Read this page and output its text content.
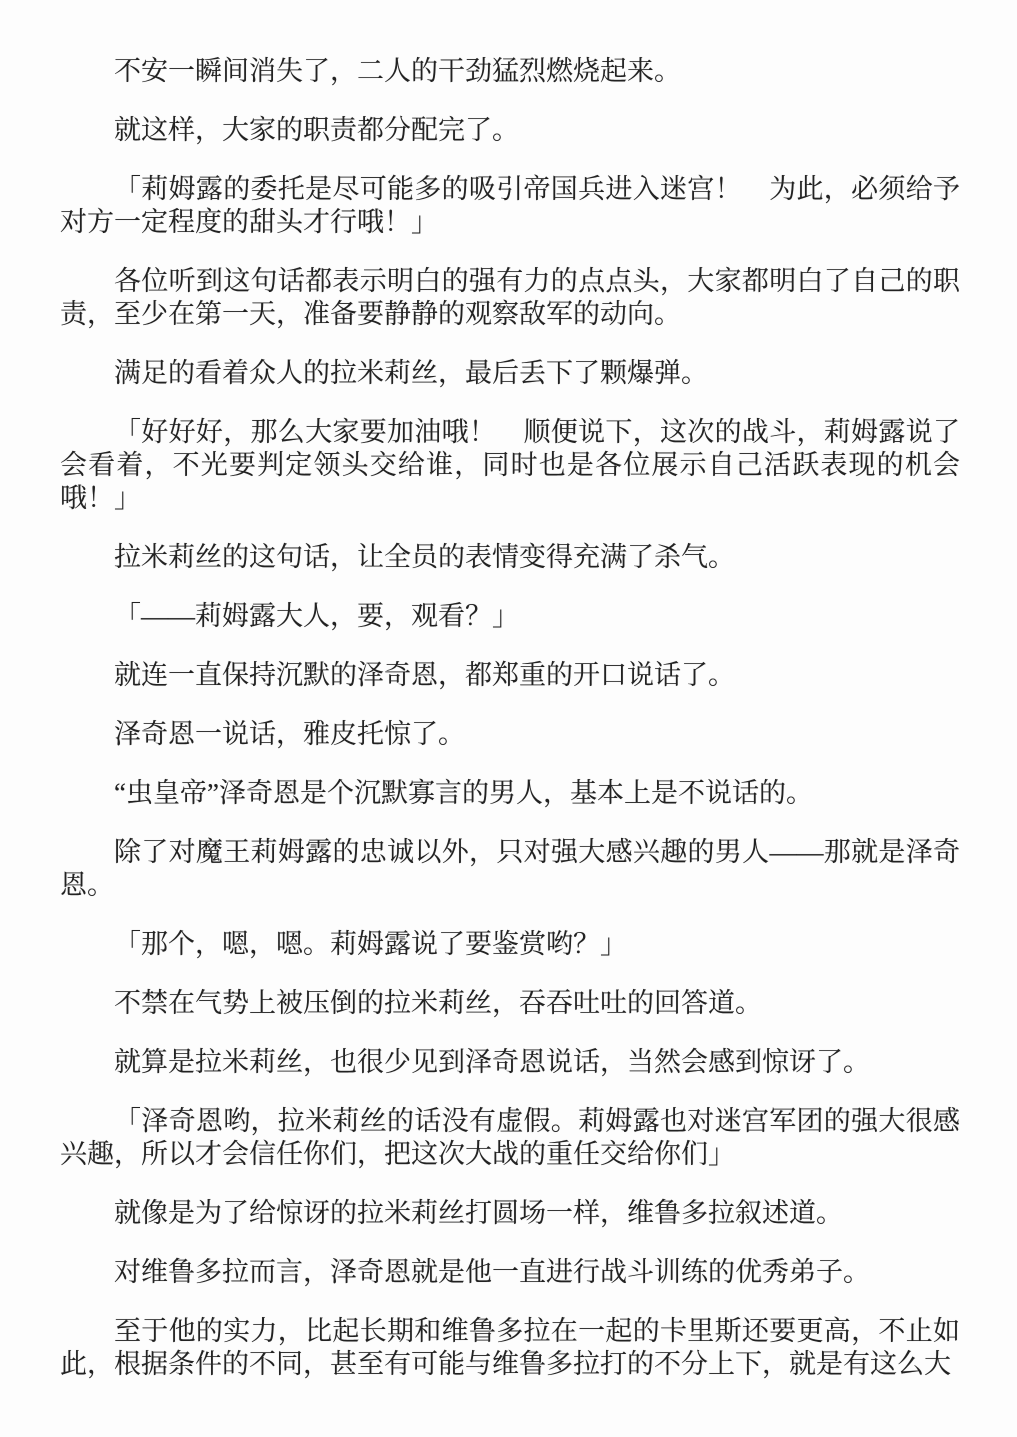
不安一瞬间消失了，二人的干劲猛烈燃烧起来。

就这样，大家的职责都分配完了。

「莉姆露的委托是尽可能多的吸引帝国兵进入迷宫！　为此，必须给予对方一定程度的甜头才行哦！」

各位听到这句话都表示明白的强有力的点点头，大家都明白了自己的职责，至少在第一天，准备要静静的观察敌军的动向。

满足的看着众人的拉米莉丝，最后丢下了颗爆弹。

「好好好，那么大家要加油哦！　顺便说下，这次的战斗，莉姆露说了会看着，不光要判定领头交给谁，同时也是各位展示自己活跃表现的机会哦！」

拉米莉丝的这句话，让全员的表情变得充满了杀气。

「——莉姆露大人，要，观看？」

就连一直保持沉默的泽奇恩，都郑重的开口说话了。

泽奇恩一说话，雅皮托惊了。

“虫皇帝”泽奇恩是个沉默寡言的男人，基本上是不说话的。

除了对魔王莉姆露的忠诚以外，只对强大感兴趣的男人——那就是泽奇恩。

「那个，嗯，嗯。莉姆露说了要鉴赏哟？」

不禁在气势上被压倒的拉米莉丝，吞吞吐吐的回答道。

就算是拉米莉丝，也很少见到泽奇恩说话，当然会感到惊讶了。

「泽奇恩哟，拉米莉丝的话没有虚假。莉姆露也对迷宫军团的强大很感兴趣，所以才会信任你们，把这次大战的重任交给你们」

就像是为了给惊讶的拉米莉丝打圆场一样，维鲁多拉叙述道。

对维鲁多拉而言，泽奇恩就是他一直进行战斗训练的优秀弟子。

至于他的实力，比起长期和维鲁多拉在一起的卡里斯还要更高，不止如此，根据条件的不同，甚至有可能与维鲁多拉打的不分上下，就是有这么大
